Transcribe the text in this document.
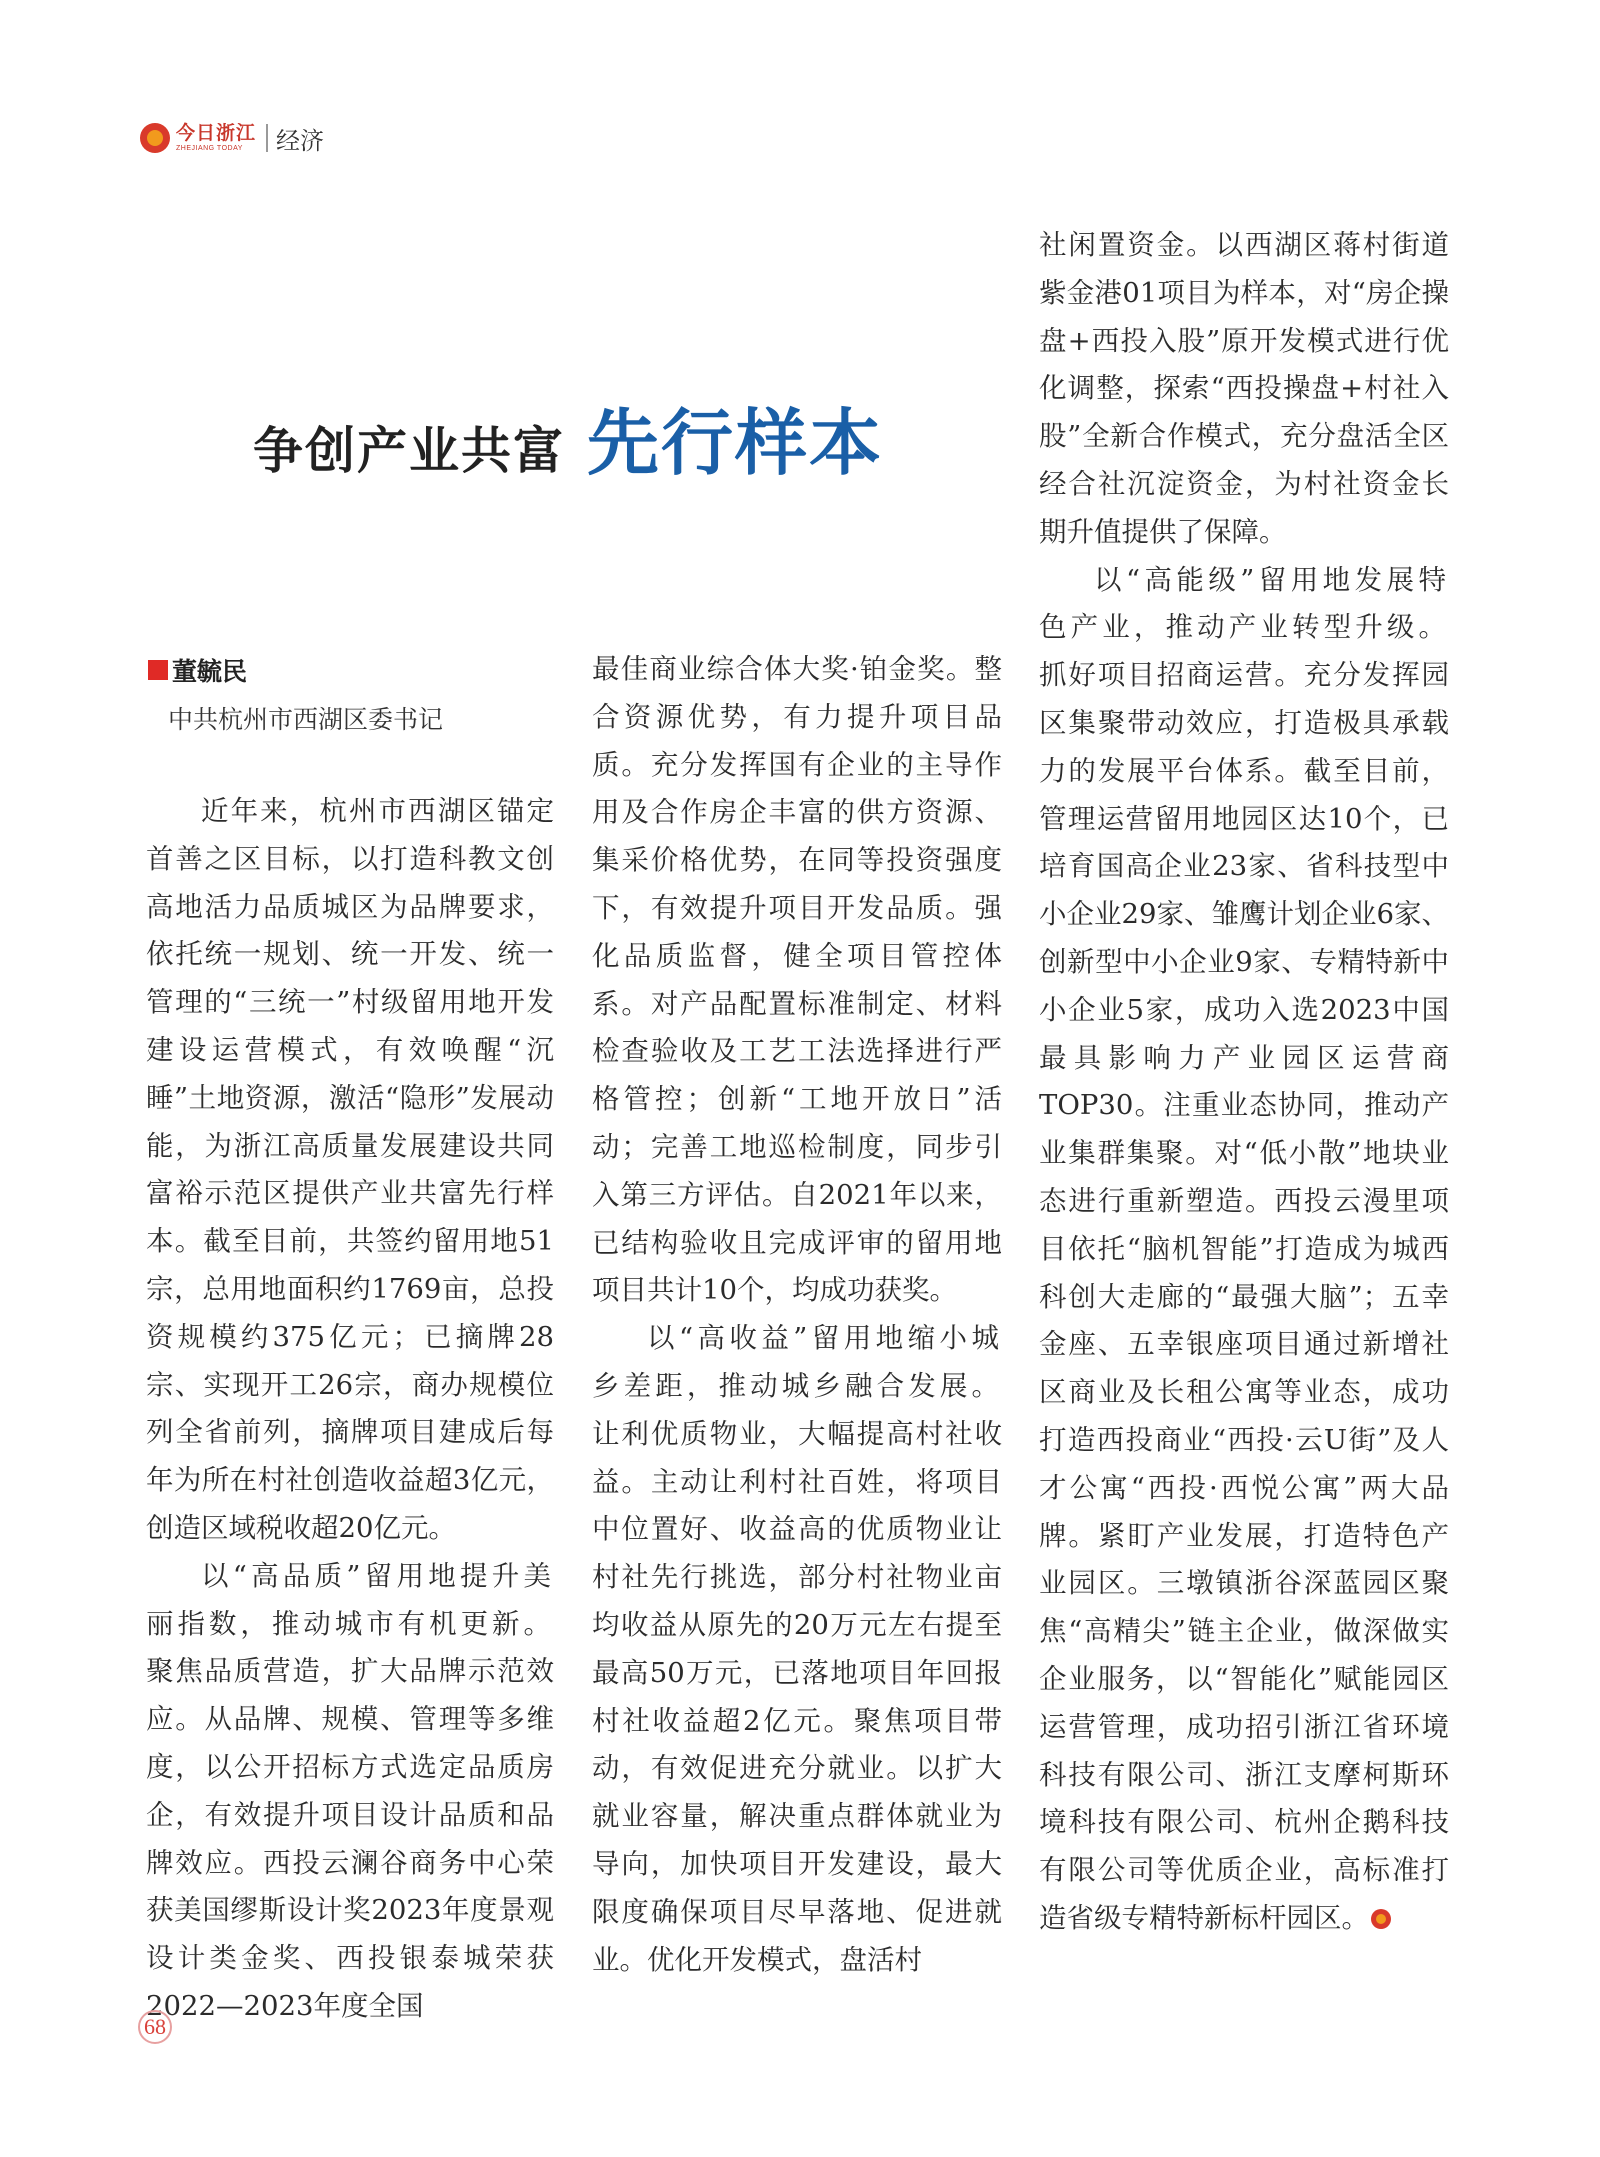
今日浙江
ZHEJIANG TODAY	经济
争创产业共富 先行样本
董毓民
中共杭州市西湖区委书记

近年来，杭州市西湖区锚定首善之区目标，以打造科教文创高地活力品质城区为品牌要求，依托统一规划、统一开发、统一管理的“三统一”村级留用地开发建设运营模式，有效唤醒“沉睡”土地资源，激活“隐形”发展动能，为浙江高质量发展建设共同富裕示范区提供产业共富先行样本。截至目前，共签约留用地51宗，总用地面积约1769亩，总投资规模约375亿元；已摘牌28宗、实现开工26宗，商办规模位列全省前列，摘牌项目建成后每年为所在村社创造收益超3亿元，创造区域税收超20亿元。

以“高品质”留用地提升美丽指数，推动城市有机更新。聚焦品质营造，扩大品牌示范效应。从品牌、规模、管理等多维度，以公开招标方式选定品质房企，有效提升项目设计品质和品牌效应。西投云澜谷商务中心荣获美国缪斯设计奖2023年度景观设计类金奖、西投银泰城荣获2022—2023年度全国

最佳商业综合体大奖·铂金奖。整合资源优势，有力提升项目品质。充分发挥国有企业的主导作用及合作房企丰富的供方资源、集采价格优势，在同等投资强度下，有效提升项目开发品质。强化品质监督，健全项目管控体系。对产品配置标准制定、材料检查验收及工艺工法选择进行严格管控；创新“工地开放日”活动；完善工地巡检制度，同步引入第三方评估。自2021年以来，已结构验收且完成评审的留用地项目共计10个，均成功获奖。

以“高收益”留用地缩小城乡差距，推动城乡融合发展。让利优质物业，大幅提高村社收益。主动让利村社百姓，将项目中位置好、收益高的优质物业让村社先行挑选，部分村社物业亩均收益从原先的20万元左右提至最高50万元，已落地项目年回报村社收益超2亿元。聚焦项目带动，有效促进充分就业。以扩大就业容量，解决重点群体就业为导向，加快项目开发建设，最大限度确保项目尽早落地、促进就业。优化开发模式，盘活村

社闲置资金。以西湖区蒋村街道紫金港01项目为样本，对“房企操盘+西投入股”原开发模式进行优化调整，探索“西投操盘+村社入股”全新合作模式，充分盘活全区经合社沉淀资金，为村社资金长期升值提供了保障。

以“高能级”留用地发展特色产业，推动产业转型升级。抓好项目招商运营。充分发挥园区集聚带动效应，打造极具承载力的发展平台体系。截至目前，管理运营留用地园区达10个，已培育国高企业23家、省科技型中小企业29家、雏鹰计划企业6家、创新型中小企业9家、专精特新中小企业5家，成功入选2023中国最具影响力产业园区运营商TOP30。注重业态协同，推动产业集群集聚。对“低小散”地块业态进行重新塑造。西投云漫里项目依托“脑机智能”打造成为城西科创大走廊的“最强大脑”；五幸金座、五幸银座项目通过新增社区商业及长租公寓等业态，成功打造西投商业“西投·云U街”及人才公寓“西投·西悦公寓”两大品牌。紧盯产业发展，打造特色产业园区。三墩镇浙谷深蓝园区聚焦“高精尖”链主企业，做深做实企业服务，以“智能化”赋能园区运营管理，成功招引浙江省环境科技有限公司、浙江支摩柯斯环境科技有限公司、杭州企鹅科技有限公司等优质企业，高标准打造省级专精特新标杆园区。

68
